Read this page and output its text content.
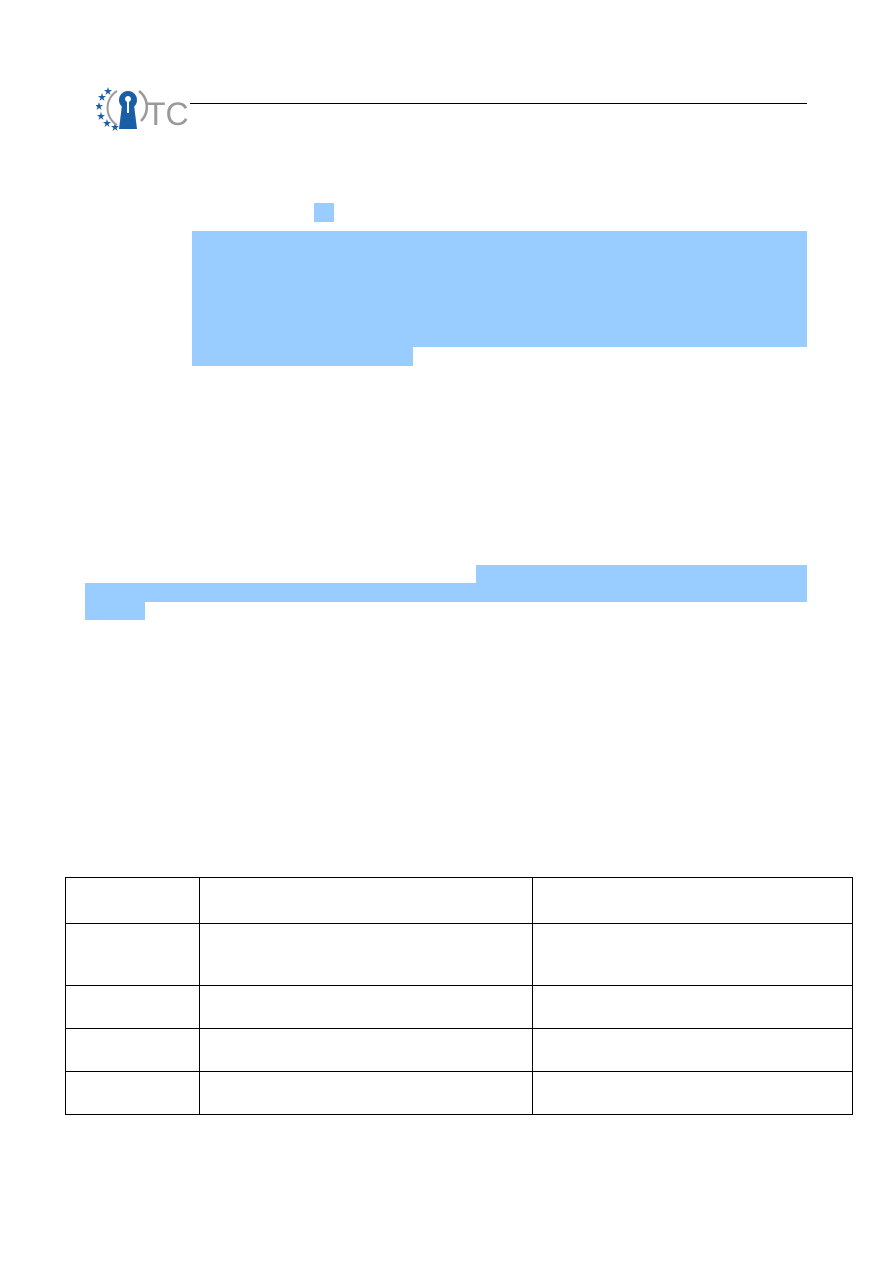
TC
